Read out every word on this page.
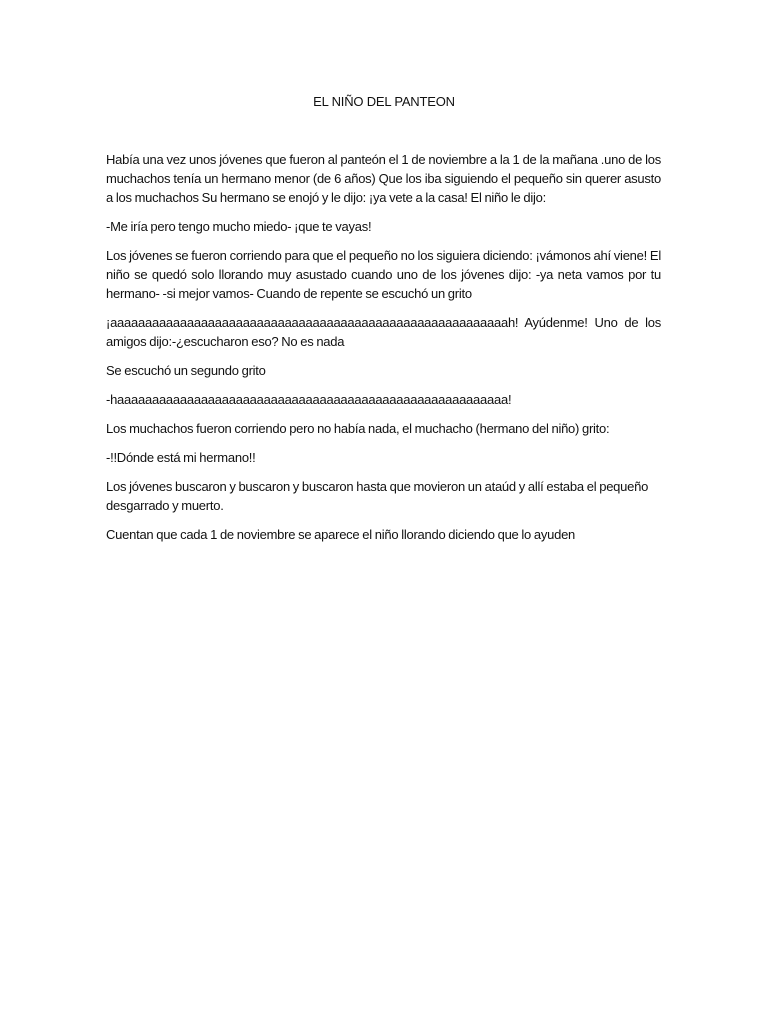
EL NIÑO DEL PANTEON

Había una vez unos jóvenes que fueron al panteón el 1 de noviembre a la 1 de la mañana .uno de los muchachos tenía un hermano menor (de 6 años) Que los iba siguiendo el pequeño sin querer asusto a los muchachos Su hermano se enojó y le dijo: ¡ya vete a la casa! El niño le dijo:

-Me iría pero tengo mucho miedo- ¡que te vayas!

Los jóvenes se fueron corriendo para que el pequeño no los siguiera diciendo: ¡vámonos ahí viene! El niño se quedó solo llorando muy asustado cuando uno de los jóvenes dijo: -ya neta vamos por tu hermano- -si mejor vamos- Cuando de repente se escuchó un grito

¡aaaaaaaaaaaaaaaaaaaaaaaaaaaaaaaaaaaaaaaaaaaaaaaaaaaaaaaaah! Ayúdenme! Uno de los amigos dijo:-¿escucharon eso? No es nada

Se escuchó un segundo grito

-haaaaaaaaaaaaaaaaaaaaaaaaaaaaaaaaaaaaaaaaaaaaaaaaaaaaaaaa!

Los muchachos fueron corriendo pero no había nada, el muchacho (hermano del niño) grito:

-!!Dónde está mi hermano!!

Los jóvenes buscaron y buscaron y buscaron hasta que movieron un ataúd y allí estaba el pequeño desgarrado y muerto.

Cuentan que cada 1 de noviembre se aparece el niño llorando diciendo que lo ayuden
